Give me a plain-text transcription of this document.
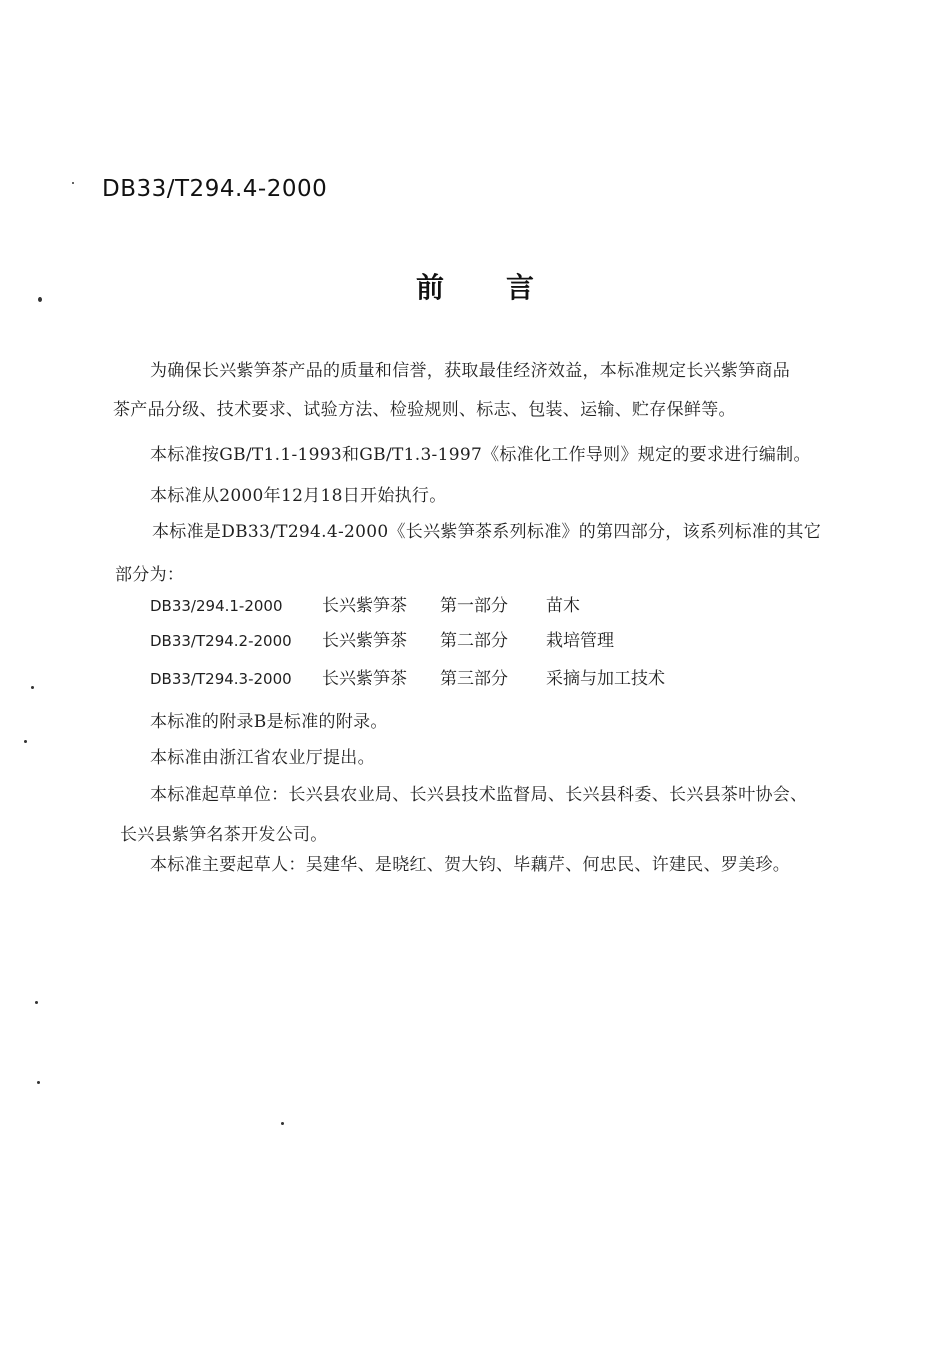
DB33/T294.4-2000
前言
为确保长兴紫笋茶产品的质量和信誉，获取最佳经济效益，本标准规定长兴紫笋商品
茶产品分级、技术要求、试验方法、检验规则、标志、包装、运输、贮存保鲜等。
本标准按GB/T1.1-1993和GB/T1.3-1997《标准化工作导则》规定的要求进行编制。
本标准从2000年12月18日开始执行。
本标准是DB33/T294.4-2000《长兴紫笋茶系列标准》的第四部分，该系列标准的其它
部分为：
DB33/294.1-2000 长兴紫笋茶 第一部分 苗木
DB33/T294.2-2000 长兴紫笋茶 第二部分 栽培管理
DB33/T294.3-2000 长兴紫笋茶 第三部分 采摘与加工技术
本标准的附录B是标准的附录。
本标准由浙江省农业厅提出。
本标准起草单位：长兴县农业局、长兴县技术监督局、长兴县科委、长兴县茶叶协会、
长兴县紫笋名茶开发公司。
本标准主要起草人：吴建华、是晓红、贺大钧、毕藕芹、何忠民、许建民、罗美珍。
